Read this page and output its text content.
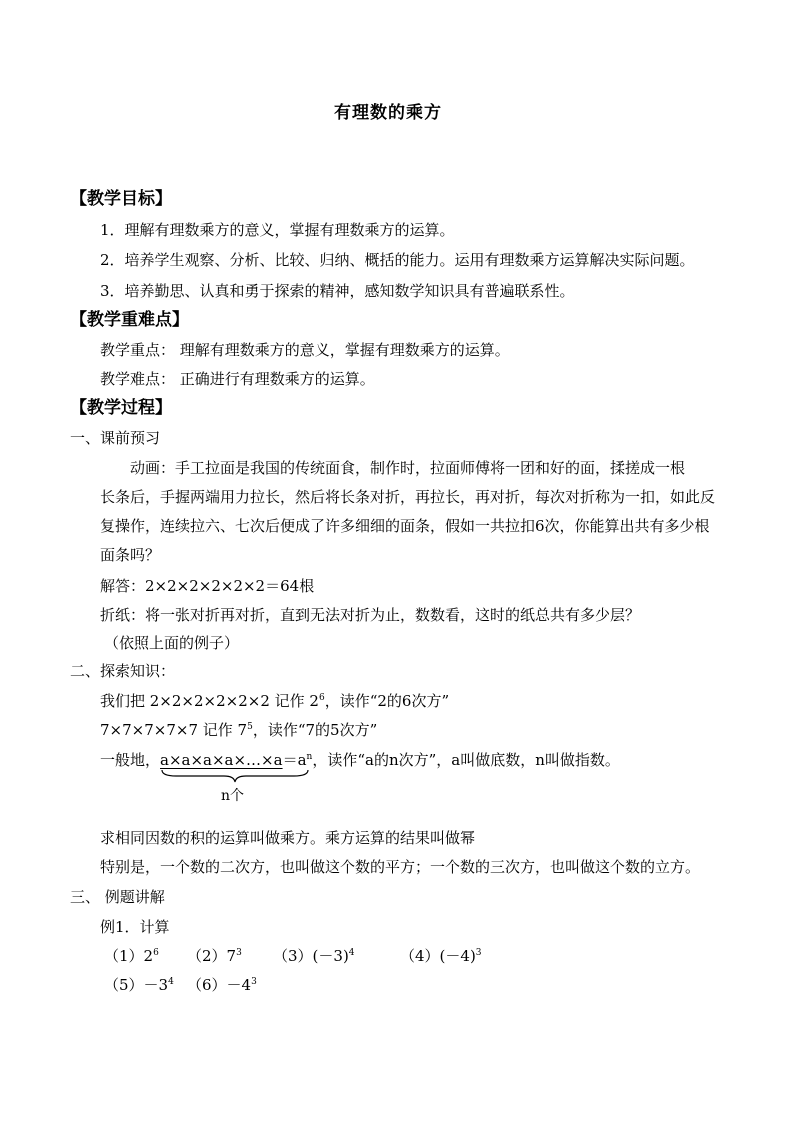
有理数的乘方
【教学目标】
1．理解有理数乘方的意义，掌握有理数乘方的运算。
2．培养学生观察、分析、比较、归纳、概括的能力。运用有理数乘方运算解决实际问题。
3．培养勤思、认真和勇于探索的精神，感知数学知识具有普遍联系性。
【教学重难点】
教学重点： 理解有理数乘方的意义，掌握有理数乘方的运算。
教学难点： 正确进行有理数乘方的运算。
【教学过程】
一、课前预习
动画：手工拉面是我国的传统面食，制作时，拉面师傅将一团和好的面，揉搓成一根
长条后，手握两端用力拉长，然后将长条对折，再拉长，再对折，每次对折称为一扣，如此反
复操作，连续拉六、七次后便成了许多细细的面条，假如一共拉扣6次，你能算出共有多少根
面条吗？
解答：2×2×2×2×2×2＝64根
折纸：将一张对折再对折，直到无法对折为止，数数看，这时的纸总共有多少层？
（依照上面的例子）
二、探索知识：
我们把 2×2×2×2×2×2 记作 $2^6$，读作“2的6次方”
7×7×7×7×7 记作 $7^5$，读作“7的5次方”
一般地，$a\times a\times a\times a\times\dots\times a=a^n$，读作“a的n次方”，a叫做底数，n叫做指数。
n个
求相同因数的积的运算叫做乘方。乘方运算的结果叫做幂
特别是，一个数的二次方，也叫做这个数的平方；一个数的三次方，也叫做这个数的立方。
三、 例题讲解
例1．计算
$(1)2^6$ $(2)7^3$ $(3)(-3)^4$	$(4)(-4)^3$
$(5)-3^4$ $(6)-4^3$
